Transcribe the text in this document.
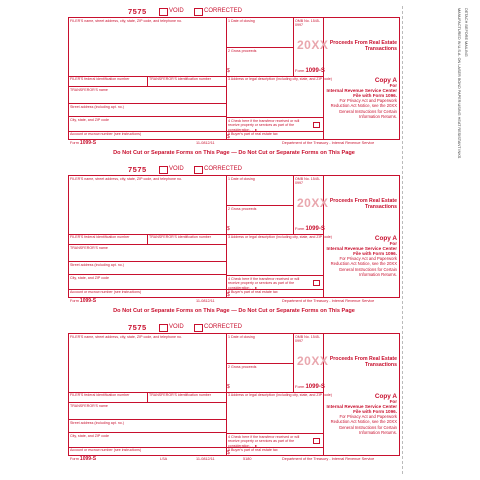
7575	VOID	CORRECTED
FILER'S name, street address, city, state, ZIP code, and telephone no.	1 Date of closing	OMB No. 1545-0997
2 Gross proceeds
$
20XX
Form 1099-S
Proceeds From Real Estate Transactions
FILER'S federal identification number	TRANSFEROR'S identification number	3 Address or legal description (including city, state, and ZIP code)
TRANSFEROR'S name
Street address (including apt. no.)
City, state, and ZIP code	4 Check here if the transferor received or will receive property or services as part of the consideration . . ►
Account or escrow number (see instructions)	5 Buyer's part of real estate tax
$
Copy A
For
Internal Revenue Service Center
File with Form 1096.
For Privacy Act and Paperwork Reduction Act Notice, see the 20XX General Instructions for Certain Information Returns.
Form 1099-S	11-0812/11	Department of the Treasury - Internal Revenue Service
7575	VOID	CORRECTED
FILER'S name, street address, city, state, ZIP code, and telephone no.	1 Date of closing	OMB No. 1545-0997
2 Gross proceeds
$
20XX
Form 1099-S
Proceeds From Real Estate Transactions
FILER'S federal identification number	TRANSFEROR'S identification number	3 Address or legal description (including city, state, and ZIP code)
TRANSFEROR'S name
Street address (including apt. no.)
City, state, and ZIP code	4 Check here if the transferor received or will receive property or services as part of the consideration . . ►
Account or escrow number (see instructions)	5 Buyer's part of real estate tax
$
Copy A
For
Internal Revenue Service Center
File with Form 1096.
For Privacy Act and Paperwork Reduction Act Notice, see the 20XX General Instructions for Certain Information Returns.
Form 1099-S	11-0812/11	Department of the Treasury - Internal Revenue Service
7575	VOID	CORRECTED
FILER'S name, street address, city, state, ZIP code, and telephone no.	1 Date of closing	OMB No. 1545-0997
2 Gross proceeds
$
20XX
Form 1099-S
Proceeds From Real Estate Transactions
FILER'S federal identification number	TRANSFEROR'S identification number	3 Address or legal description (including city, state, and ZIP code)
TRANSFEROR'S name
Street address (including apt. no.)
City, state, and ZIP code	4 Check here if the transferor received or will receive property or services as part of the consideration . . ►
Account or escrow number (see instructions)	5 Buyer's part of real estate tax
$
Copy A
For
Internal Revenue Service Center
File with Form 1096.
For Privacy Act and Paperwork Reduction Act Notice, see the 20XX General Instructions for Certain Information Returns.
Form 1099-S	LSA	11-0812/11	5180	Department of the Treasury - Internal Revenue Service
Do Not Cut or Separate Forms on This Page — Do Not Cut or Separate Forms on This Page
Do Not Cut or Separate Forms on This Page — Do Not Cut or Separate Forms on This Page
DETACH BEFORE MAILING
MANUFACTURED IN U.S.A. ON LASER BOND PAPER USING HEAT RESISTANT INKS
